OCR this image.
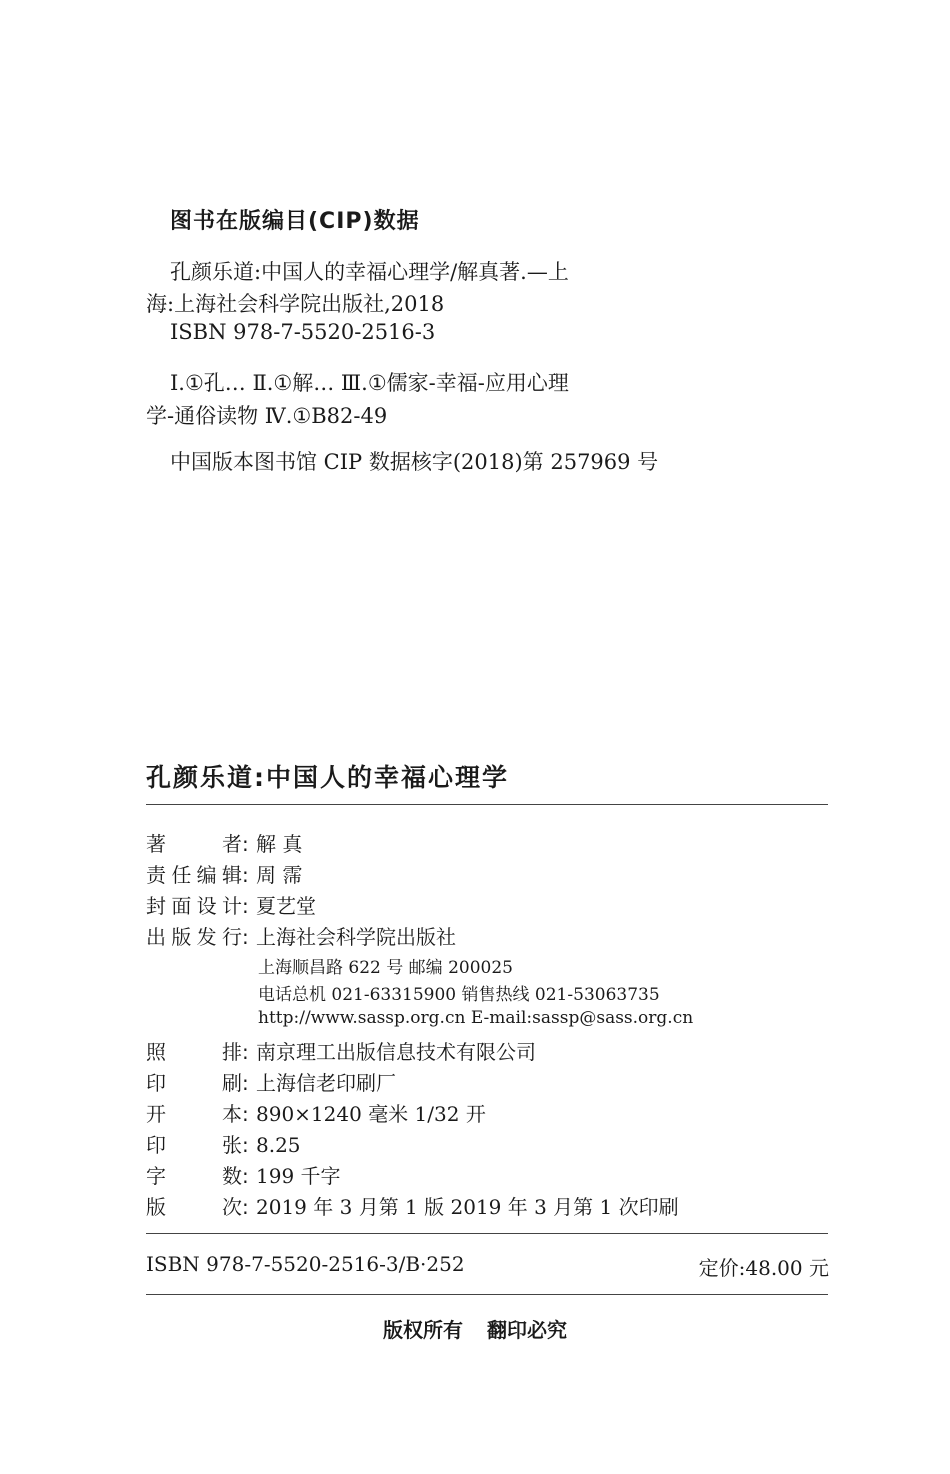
图书在版编目(CIP)数据
孔颜乐道:中国人的幸福心理学/解真著.—上
海:上海社会科学院出版社,2018
ISBN 978-7-5520-2516-3
Ⅰ.①孔… Ⅱ.①解… Ⅲ.①儒家-幸福-应用心理
学-通俗读物 Ⅳ.①B82-49
中国版本图书馆 CIP 数据核字(2018)第 257969 号
孔颜乐道:中国人的幸福心理学
著者: 解 真
责任编辑: 周 霈
封面设计: 夏艺堂
出版发行: 上海社会科学院出版社
上海顺昌路 622 号 邮编 200025
电话总机 021-63315900 销售热线 021-53063735
http://www.sassp.org.cn E-mail:sassp@sass.org.cn
照排: 南京理工出版信息技术有限公司
印刷: 上海信老印刷厂
开本: 890×1240 毫米 1/32 开
印张: 8.25
字数: 199 千字
版次: 2019 年 3 月第 1 版 2019 年 3 月第 1 次印刷
ISBN 978-7-5520-2516-3/B·252	定价:48.00 元
版权所有 翻印必究
